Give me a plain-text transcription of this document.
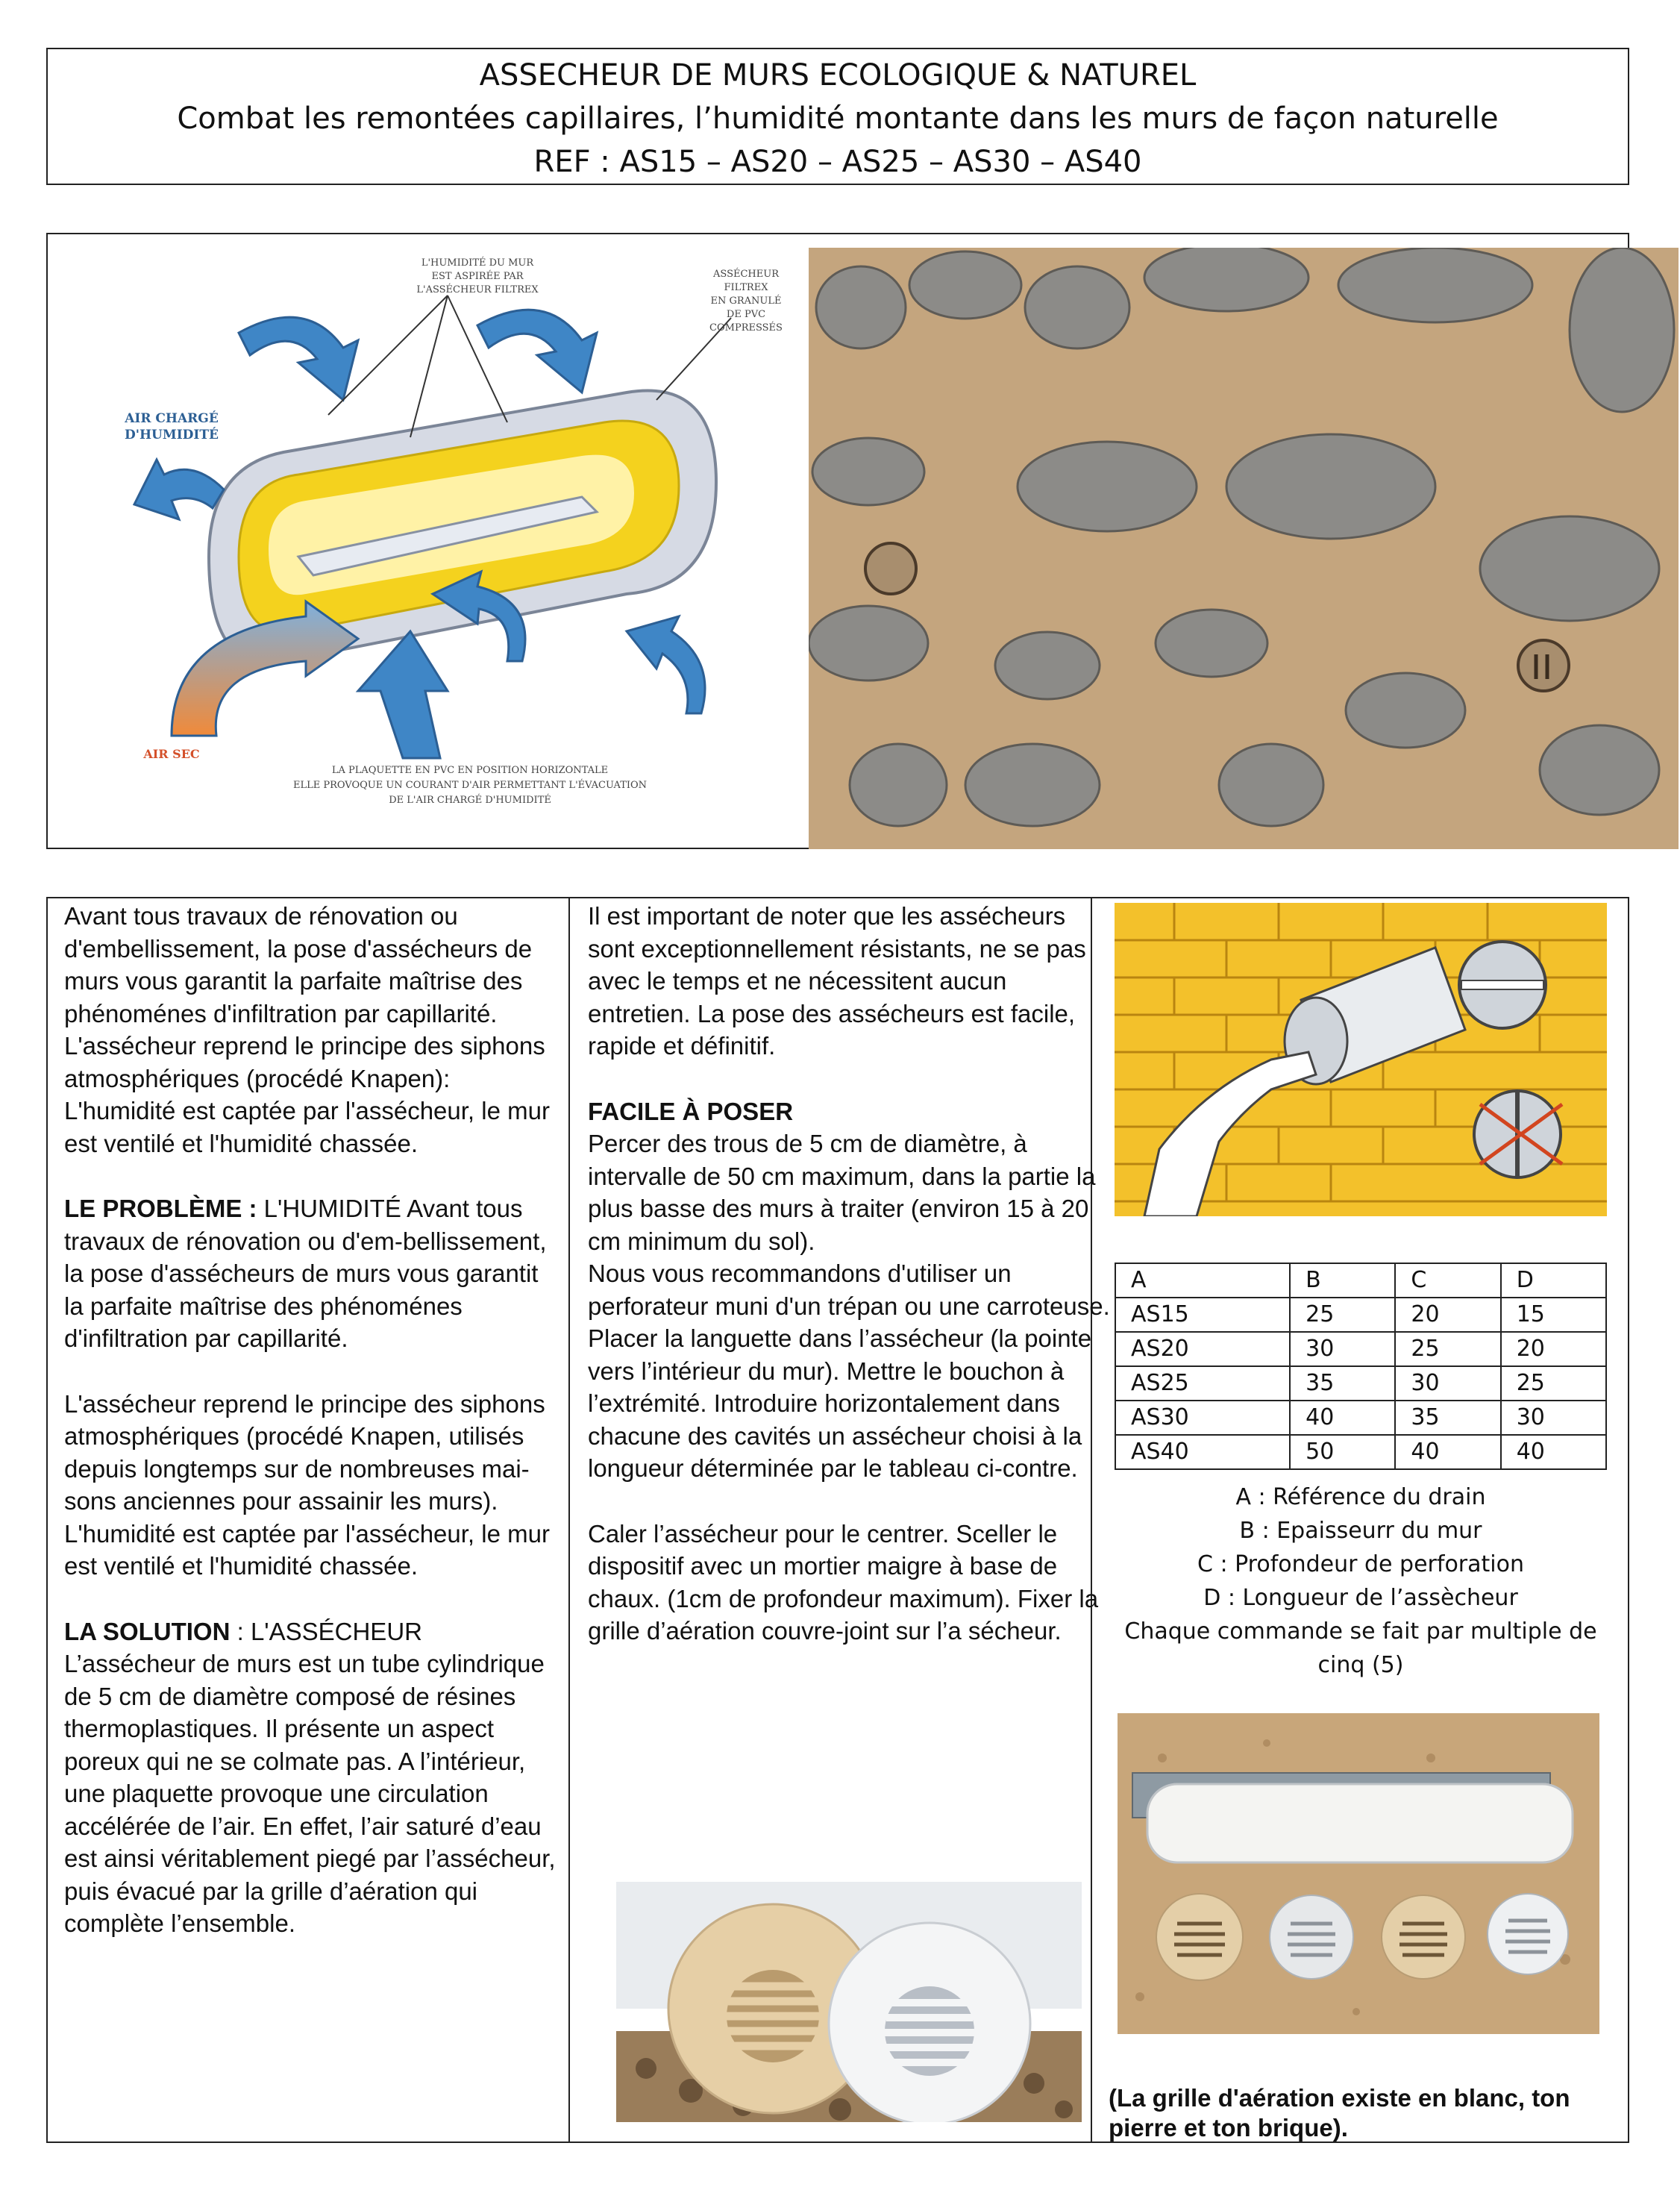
ASSECHEUR DE MURS ECOLOGIQUE & NATUREL
Combat les remontées capillaires, l’humidité montante dans les murs de façon naturelle
REF : AS15 – AS20 – AS25 – AS30 – AS40
L'HUMIDITÉ DU MUR
EST ASPIRÉE PAR
L'ASSÉCHEUR FILTREX
ASSÉCHEUR
FILTREX
EN GRANULÉ
DE PVC
COMPRESSÉS
LA PLAQUETTE EN PVC EN POSITION HORIZONTALE
ELLE PROVOQUE UN COURANT D'AIR PERMETTANT L'ÉVACUATION
DE L'AIR CHARGÉ D'HUMIDITÉ
AIR CHARGÉ
D'HUMIDITÉ
AIR SEC

Avant tous travaux de rénovation ou d'embellissement, la pose d'assécheurs de murs vous garantit la parfaite maîtrise des phénoménes d'infiltration par capillarité. L'assécheur reprend le principe des siphons atmosphériques (procédé Knapen): L'humidité est captée par l'assécheur, le mur est ventilé et l'humidité chassée.

LE PROBLÈME : L'HUMIDITÉ Avant tous travaux de rénovation ou d'em-bellissement, la pose d'assécheurs de murs vous garantit la parfaite maîtrise des phénoménes d'infiltration par capillarité.

L'assécheur reprend le principe des siphons atmosphériques (procédé Knapen, utilisés depuis longtemps sur de nombreuses mai-sons anciennes pour assainir les murs). L'humidité est captée par l'assécheur, le mur est ventilé et l'humidité chassée.

LA SOLUTION : L'ASSÉCHEUR

L’assécheur de murs est un tube cylindrique de 5 cm de diamètre composé de résines thermoplastiques. Il présente un aspect poreux qui ne se colmate pas. A l’intérieur, une plaquette provoque une circulation accélérée de l’air. En effet, l’air saturé d’eau est ainsi véritablement piegé par l’assécheur, puis évacué par la grille d’aération qui complète l’ensemble.

Il est important de noter que les assécheurs sont exceptionnellement résistants, ne se pas avec le temps et ne nécessitent aucun entretien. La pose des assécheurs est facile, rapide et définitif.

FACILE À POSER

Percer des trous de 5 cm de diamètre, à intervalle de 50 cm maximum, dans la partie la plus basse des murs à traiter (environ 15 à 20 cm minimum du sol).

Nous vous recommandons d'utiliser un perforateur muni d'un trépan ou une carroteuse. Placer la languette dans l’assécheur (la pointe vers l’intérieur du mur). Mettre le bouchon à l’extrémité. Introduire horizontalement dans chacune des cavités un assécheur choisi à la longueur déterminée par le tableau ci-contre.

Caler l’assécheur pour le centrer. Sceller le dispositif avec un mortier maigre à base de chaux. (1cm de profondeur maximum). Fixer la grille d’aération couvre-joint sur l’a sécheur.

A	B	C	D
AS15	25	20	15
AS20	30	25	20
AS25	35	30	25
AS30	40	35	30
AS40	50	40	40
A : Référence du drain
B : Epaisseurr du mur
C : Profondeur de perforation
D : Longueur de l’assècheur
Chaque commande se fait par multiple de cinq (5)
(La grille d'aération existe en blanc, ton pierre et ton brique).
